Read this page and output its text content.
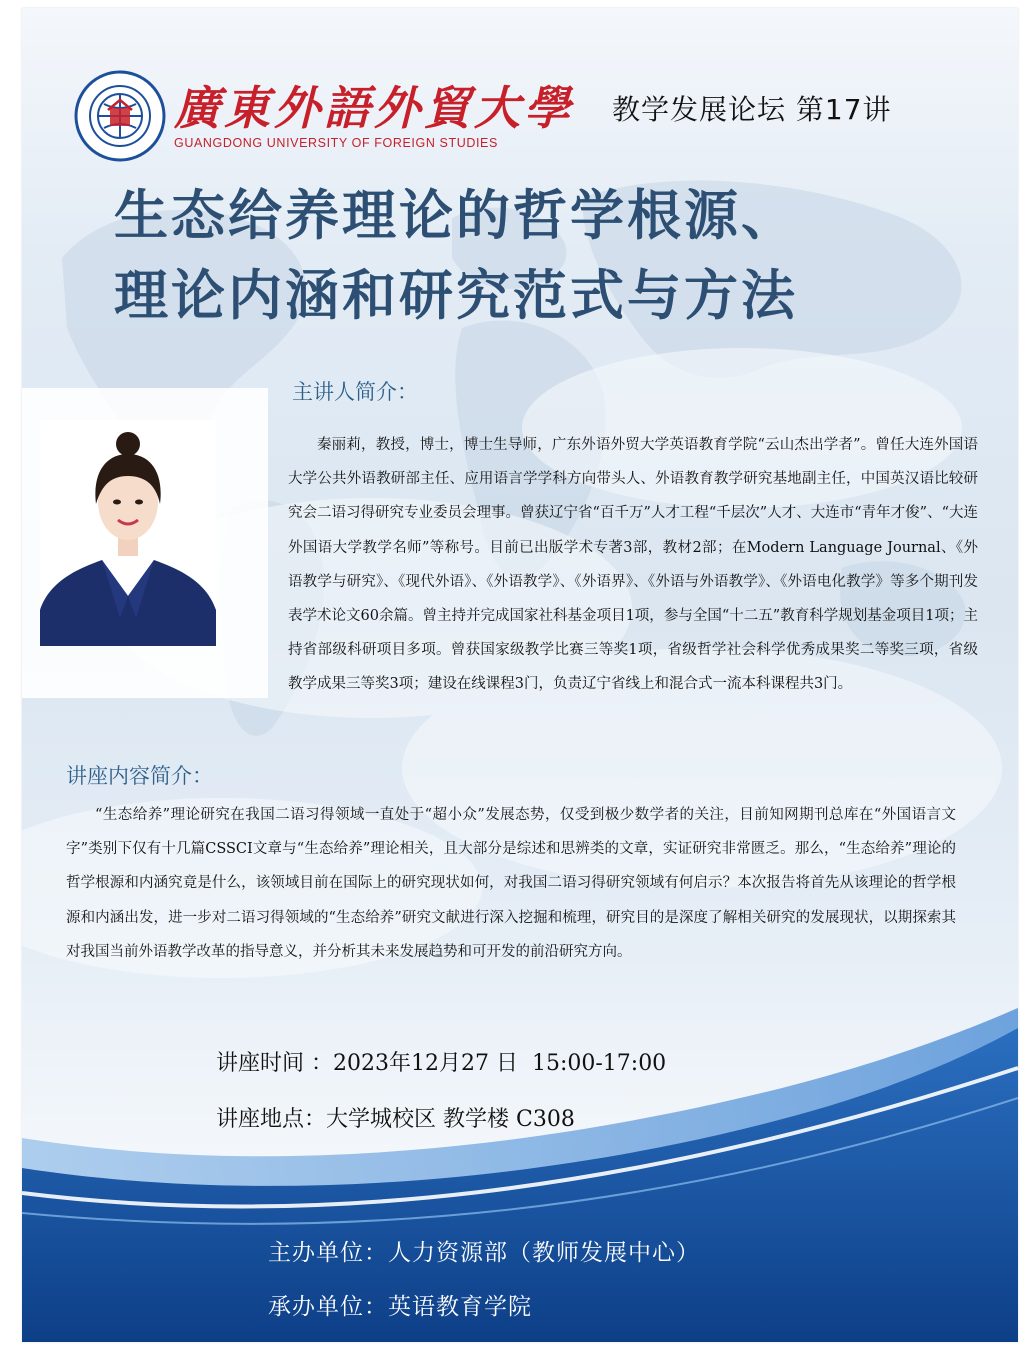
廣東外語外貿大學
GUANGDONG UNIVERSITY OF FOREIGN STUDIES
教学发展论坛 第17讲
生态给养理论的哲学根源、
理论内涵和研究范式与方法
主讲人简介：
秦丽莉，教授，博士，博士生导师，广东外语外贸大学英语教育学院“云山杰出学者”。曾任大连外国语大学公共外语教研部主任、应用语言学学科方向带头人、外语教育教学研究基地副主任，中国英汉语比较研究会二语习得研究专业委员会理事。曾获辽宁省“百千万”人才工程“千层次”人才、大连市“青年才俊”、“大连外国语大学教学名师”等称号。目前已出版学术专著3部，教材2部；在Modern Language Journal、《外语教学与研究》、《现代外语》、《外语教学》、《外语界》、《外语与外语教学》、《外语电化教学》等多个期刊发表学术论文60余篇。曾主持并完成国家社科基金项目1项，参与全国“十二五”教育科学规划基金项目1项；主持省部级科研项目多项。曾获国家级教学比赛三等奖1项，省级哲学社会科学优秀成果奖二等奖三项，省级教学成果三等奖3项；建设在线课程3门，负责辽宁省线上和混合式一流本科课程共3门。
讲座内容简介：
“生态给养”理论研究在我国二语习得领域一直处于“超小众”发展态势，仅受到极少数学者的关注，目前知网期刊总库在“外国语言文字”类别下仅有十几篇CSSCI文章与“生态给养”理论相关，且大部分是综述和思辨类的文章，实证研究非常匮乏。那么，“生态给养”理论的哲学根源和内涵究竟是什么，该领域目前在国际上的研究现状如何，对我国二语习得研究领域有何启示？本次报告将首先从该理论的哲学根源和内涵出发，进一步对二语习得领域的“生态给养”研究文献进行深入挖掘和梳理，研究目的是深度了解相关研究的发展现状，以期探索其对我国当前外语教学改革的指导意义，并分析其未来发展趋势和可开发的前沿研究方向。
讲座时间 ：2023年12月27 日  15:00-17:00
讲座地点：大学城校区 教学楼 C308
主办单位：人力资源部（教师发展中心）
承办单位：英语教育学院
